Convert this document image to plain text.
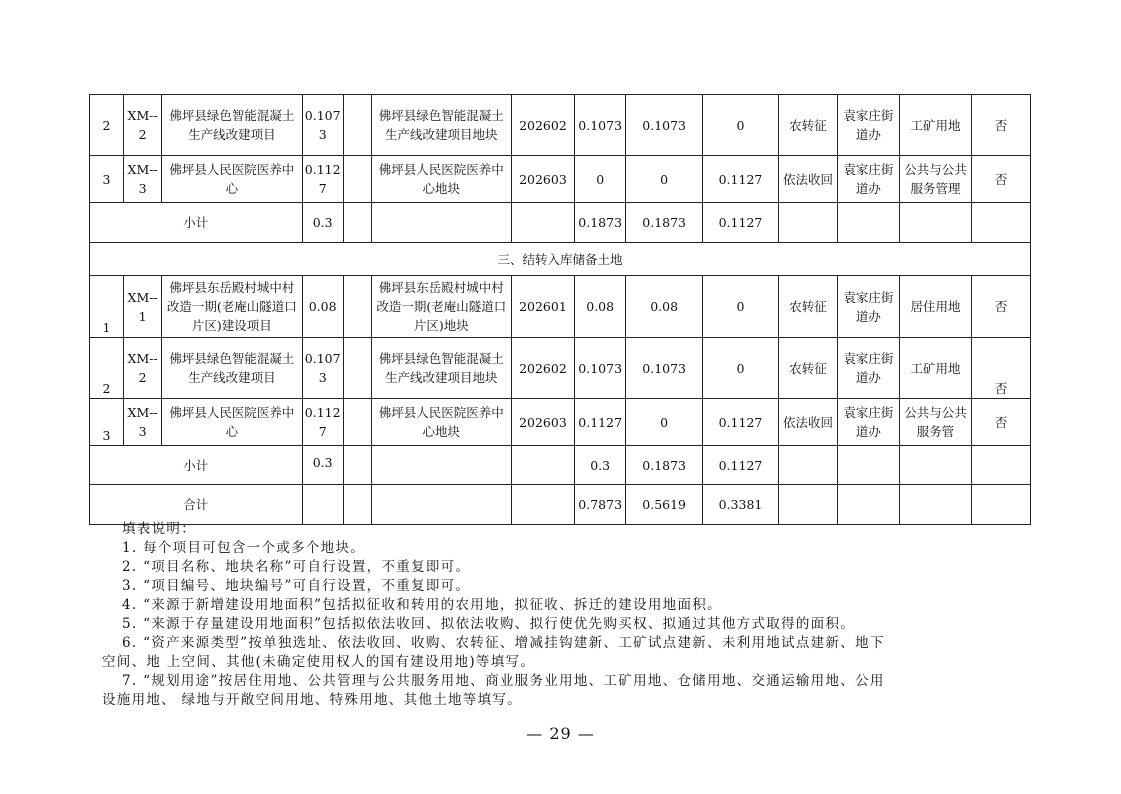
2	XM--2	佛坪县绿色智能混凝土生产线改建项目	0.1073		佛坪县绿色智能混凝土生产线改建项目地块	202602	0.1073	0.1073	0	农转征	袁家庄街道办	工矿用地	否
3	XM--3	佛坪县人民医院医养中心	0.1127		佛坪县人民医院医养中心地块	202603	0	0	0.1127	依法收回	袁家庄街道办	公共与公共服务管理	否
小计			0.3				0.1873	0.1873	0.1127				
三、结转入库储备土地													
1	XM--1	佛坪县东岳殿村城中村改造一期(老庵山隧道口片区)建设项目	0.08		佛坪县东岳殿村城中村改造一期(老庵山隧道口片区)地块	202601	0.08	0.08	0	农转征	袁家庄街道办	居住用地	否
2	XM--2	佛坪县绿色智能混凝土生产线改建项目	0.1073		佛坪县绿色智能混凝土生产线改建项目地块	202602	0.1073	0.1073	0	农转征	袁家庄街道办	工矿用地	否
3	XM--3	佛坪县人民医院医养中心	0.1127		佛坪县人民医院医养中心地块	202603	0.1127	0	0.1127	依法收回	袁家庄街道办	公共与公共服务管	否
小计			0.3				0.3	0.1873	0.1127				
合计							0.7873	0.5619	0.3381				
填表说明：
1. 每个项目可包含一个或多个地块。
2. “项目名称、地块名称”可自行设置，不重复即可。
3. “项目编号、地块编号”可自行设置，不重复即可。
4. “来源于新增建设用地面积”包括拟征收和转用的农用地，拟征收、拆迁的建设用地面积。
5. “来源于存量建设用地面积”包括拟依法收回、拟依法收购、拟行使优先购买权、拟通过其他方式取得的面积。
6. “资产来源类型”按单独选址、依法收回、收购、农转征、增减挂钩建新、工矿试点建新、未利用地试点建新、地下
空间、地 上空间、其他(未确定使用权人的国有建设用地)等填写。
7. “规划用途”按居住用地、公共管理与公共服务用地、商业服务业用地、工矿用地、仓储用地、交通运输用地、公用
设施用地、 绿地与开敞空间用地、特殊用地、其他土地等填写。
— 29 —
